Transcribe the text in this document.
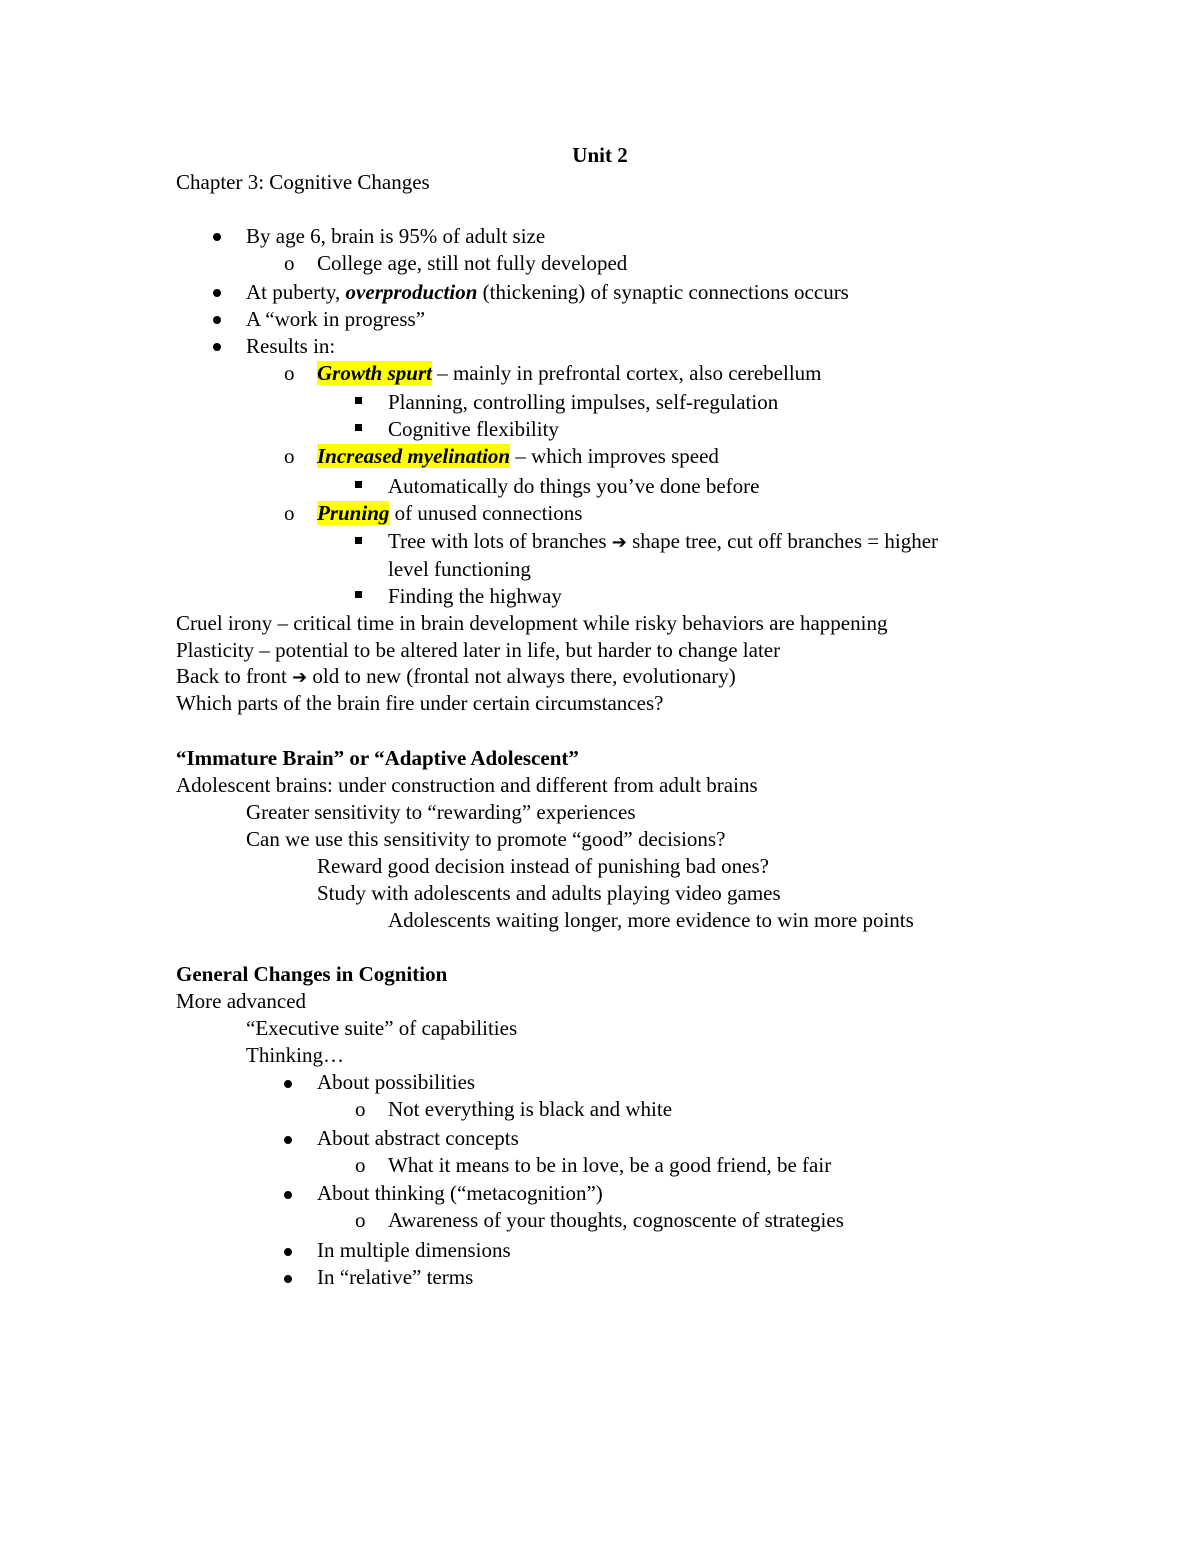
Unit 2
Chapter 3: Cognitive Changes
By age 6, brain is 95% of adult size
o College age, still not fully developed
At puberty, overproduction (thickening) of synaptic connections occurs
A “work in progress”
Results in:
o Growth spurt – mainly in prefrontal cortex, also cerebellum
Planning, controlling impulses, self-regulation
Cognitive flexibility
o Increased myelination – which improves speed
Automatically do things you’ve done before
o Pruning of unused connections
Tree with lots of branches ➔ shape tree, cut off branches = higher
level functioning
Finding the highway
Cruel irony – critical time in brain development while risky behaviors are happening
Plasticity – potential to be altered later in life, but harder to change later
Back to front ➔ old to new (frontal not always there, evolutionary)
Which parts of the brain fire under certain circumstances?
“Immature Brain” or “Adaptive Adolescent”
Adolescent brains: under construction and different from adult brains
Greater sensitivity to “rewarding” experiences
Can we use this sensitivity to promote “good” decisions?
Reward good decision instead of punishing bad ones?
Study with adolescents and adults playing video games
Adolescents waiting longer, more evidence to win more points
General Changes in Cognition
More advanced
“Executive suite” of capabilities
Thinking…
About possibilities
o Not everything is black and white
About abstract concepts
o What it means to be in love, be a good friend, be fair
About thinking (“metacognition”)
o Awareness of your thoughts, cognoscente of strategies
In multiple dimensions
In “relative” terms
